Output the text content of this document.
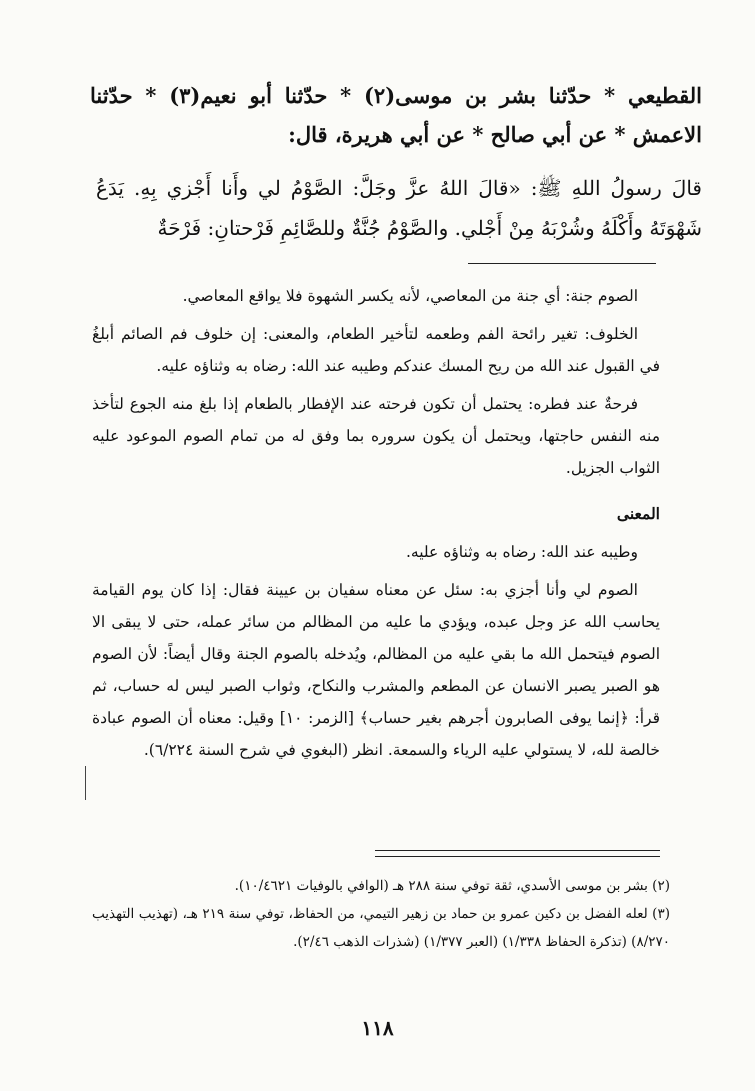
القطيعي * حدّثنا بشر بن موسى(٢) * حدّثنا أبو نعيم(٣) * حدّثنا الاعمش * عن أبي صالح * عن أبي هريرة، قال:
قالَ رسولُ اللهِ ﷺ: «قالَ اللهُ عزَّ وجَلَّ: الصَّوْمُ لي وأَنا أَجْزي بِهِ. يَدَعُ شَهْوَتَهُ وأَكْلَهُ وشُرْبَهُ مِنْ أَجْلي. والصَّوْمُ جُنَّةٌ وللصَّائِمِ فَرْحتانِ: فَرْحَةٌ

الصوم جنة: أي جنة من المعاصي، لأنه يكسر الشهوة فلا يواقع المعاصي.

الخلوف: تغير رائحة الفم وطعمه لتأخير الطعام، والمعنى: إن خلوف فم الصائم أبلغُ في القبول عند الله من ريح المسك عندكم وطيبه عند الله: رضاه به وثناؤه عليه.

فرحةٌ عند فطره: يحتمل أن تكون فرحته عند الإفطار بالطعام إذا بلغ منه الجوع لتأخذ منه النفس حاجتها، ويحتمل أن يكون سروره بما وفق له من تمام الصوم الموعود عليه الثواب الجزيل.

المعنى

وطيبه عند الله: رضاه به وثناؤه عليه.

الصوم لي وأنا أجزي به: سئل عن معناه سفيان بن عيينة فقال: إذا كان يوم القيامة يحاسب الله عز وجل عبده، ويؤدي ما عليه من المظالم من سائر عمله، حتى لا يبقى الا الصوم فيتحمل الله ما بقي عليه من المظالم، ويُدخله بالصوم الجنة وقال أيضاً: لأن الصوم هو الصبر يصبر الانسان عن المطعم والمشرب والنكاح، وثواب الصبر ليس له حساب، ثم قرأ: ﴿إنما يوفى الصابرون أجرهم بغير حساب﴾ [الزمر: ١٠] وقيل: معناه أن الصوم عبادة خالصة لله، لا يستولي عليه الرياء والسمعة. انظر (البغوي في شرح السنة ٦/٢٢٤).

(٢) بشر بن موسى الأسدي، ثقة توفي سنة ٢٨٨ هـ (الوافي بالوفيات ١٠/٤٦٢١).

(٣) لعله الفضل بن دكين عمرو بن حماد بن زهير التيمي، من الحفاظ، توفي سنة ٢١٩ هـ، (تهذيب التهذيب ٨/٢٧٠) (تذكرة الحفاظ ١/٣٣٨) (العبر ١/٣٧٧) (شذرات الذهب ٢/٤٦).

١١٨
